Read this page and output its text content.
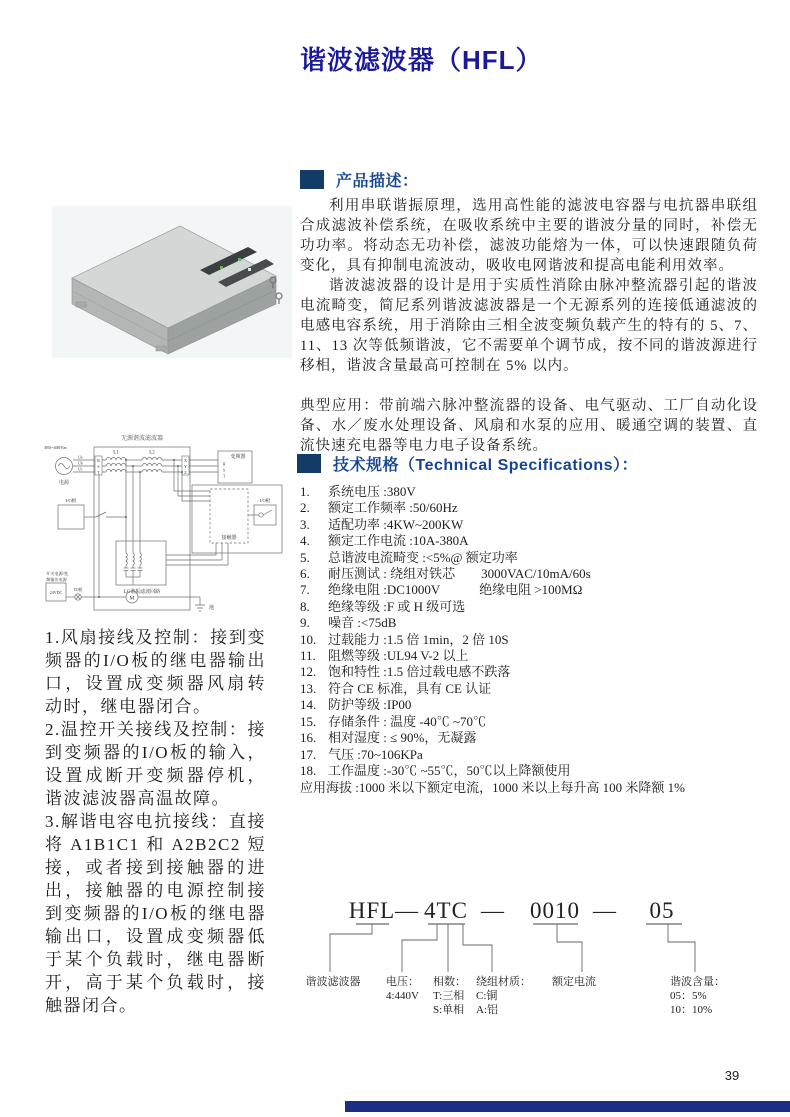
谐波滤波器（HFL）
产品描述：

利用串联谐振原理，选用高性能的滤波电容器与电抗器串联组合成滤波补偿系统，在吸收系统中主要的谐波分量的同时，补偿无功功率。将动态无功补偿，滤波功能熔为一体，可以快速跟随负荷变化，具有抑制电流波动，吸收电网谐波和提高电能利用效率。

谐波滤波器的设计是用于实质性消除由脉冲整流器引起的谐波电流畸变，简尼系列谐波滤波器是一个无源系列的连接低通滤波的电感电容系统，用于消除由三相全波变频负载产生的特有的 5、7、11、13 次等低频谐波，它不需要单个调节成，按不同的谐波源进行移相，谐波含量最高可控制在 5% 以内。

典型应用：带前端六脉冲整流器的设备、电气驱动、工厂自动化设备、水／废水处理设备、风扇和水泵的应用、暖通空调的装置、直流快速充电器等电力电子设备系统。

无源谐波滤波器
380~400Vac
电源
Ua
Ub
Uc
R
S
T
L1	L2
X
Y
Z
变频器
R
S
T
接触器
I/O板
LC谐振滤波回路
I/O板
开关电源/变
频输出电源
24VDC	I/O板
M
地
技术规格（Technical Specifications）：
1.	系统电压 :380V
2.	额定工作频率 :50/60Hz
3.	适配功率 :4KW~200KW
4.	额定工作电流 :10A-380A
5.	总谐波电流畸变 :<5%@ 额定功率
6.	耐压测试 : 绕组对铁芯　　3000VAC/10mA/60s
7.	绝缘电阻 :DC1000V　　　绝缘电阻 >100MΩ
8.	绝缘等级 :F 或 H 级可选
9.	噪音 :<75dB
10. 过载能力 :1.5 倍 1min，2 倍 10S
11. 阻燃等级 :UL94 V-2 以上
12. 饱和特性 :1.5 倍过载电感不跌落
13. 符合 CE 标准，具有 CE 认证
14. 防护等级 :IP00
15. 存储条件 : 温度 -40℃ ~70℃
16. 相对湿度 : ≤ 90%，无凝露
17. 气压 :70~106KPa
18. 工作温度 :-30℃ ~55℃，50℃以上降额使用
应用海拔 :1000 米以下额定电流，1000 米以上每升高 100 米降额 1%

1.风扇接线及控制：接到变频器的I/O板的继电器输出口，设置成变频器风扇转动时，继电器闭合。

2.温控开关接线及控制：接到变频器的I/O板的输入，设置成断开变频器停机，谐波滤波器高温故障。

3.解谐电容电抗接线：直接将A1B1C1和A2B2C2短接，或者接到接触器的进出，接触器的电源控制接到变频器的I/O板的继电器输出口，设置成变频器低于某个负载时，继电器断开，高于某个负载时，接触器闭合。

HFL — 4TC — 0010 — 05
谐波滤波器 电压：
4:440V
相数：
T:三相
S:单相
绕组材质：
C:铜
A:铝
额定电流	谐波含量：
05：5%
10：10%
39
